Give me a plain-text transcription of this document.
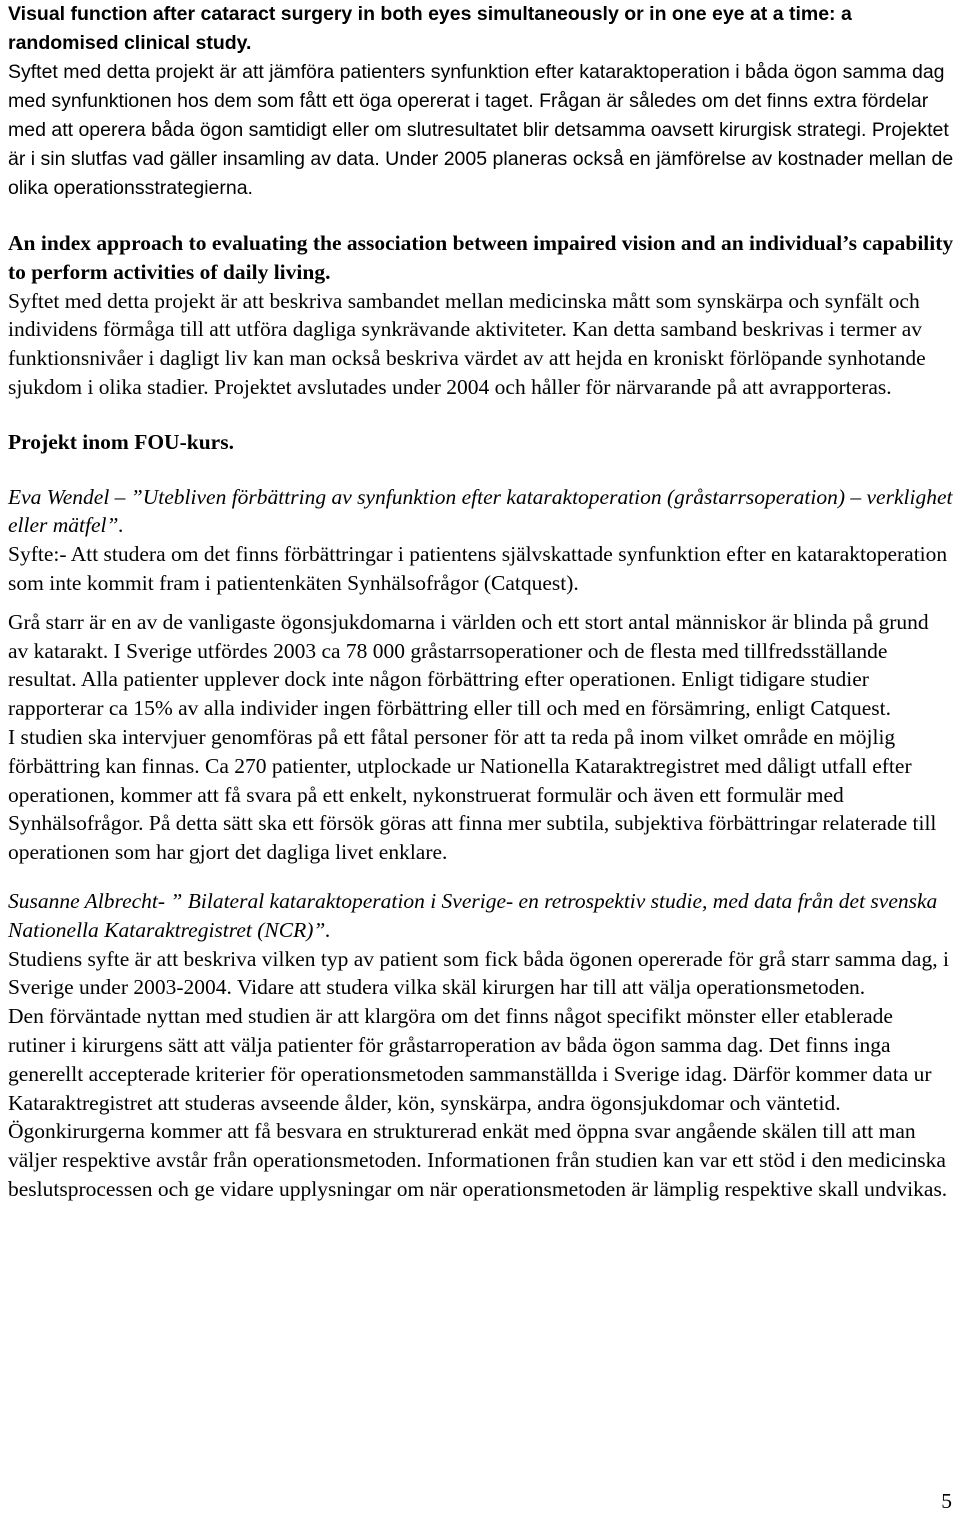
Visual function after cataract surgery in both eyes simultaneously or in one eye at a time: a randomised clinical study.

Syftet med detta projekt är att jämföra patienters synfunktion efter kataraktoperation i båda ögon samma dag med synfunktionen hos dem som fått ett öga opererat i taget. Frågan är således om det finns extra fördelar med att operera båda ögon samtidigt eller om slutresultatet blir detsamma oavsett kirurgisk strategi. Projektet är i sin slutfas vad gäller insamling av data. Under 2005 planeras också en jämförelse av kostnader mellan de olika operationsstrategierna.

An index approach to evaluating the association between impaired vision and an individual’s capability to perform activities of daily living.

Syftet med detta projekt är att beskriva sambandet mellan medicinska mått som synskärpa och synfält och individens förmåga till att utföra dagliga synkrävande aktiviteter. Kan detta samband beskrivas i termer av funktionsnivåer i dagligt liv kan man också beskriva värdet av att hejda en kroniskt förlöpande synhotande sjukdom i olika stadier. Projektet avslutades under 2004 och håller för närvarande på att avrapporteras.

Projekt inom FOU-kurs.

Eva Wendel – ”Utebliven förbättring av synfunktion efter kataraktoperation (gråstarrsoperation) – verklighet eller mätfel”.

Syfte:- Att studera om det finns förbättringar i patientens självskattade synfunktion efter en kataraktoperation som inte kommit fram i patientenkäten Synhälsofrågor (Catquest).

Grå starr är en av de vanligaste ögonsjukdomarna i världen och ett stort antal människor är blinda på grund av katarakt. I Sverige utfördes 2003 ca 78 000 gråstarrsoperationer och de flesta med tillfredsställande resultat. Alla patienter upplever dock inte någon förbättring efter operationen. Enligt tidigare studier rapporterar ca 15% av alla individer ingen förbättring eller till och med en försämring, enligt Catquest.

I studien ska intervjuer genomföras på ett fåtal personer för att ta reda på inom vilket område en möjlig förbättring kan finnas. Ca 270 patienter, utplockade ur Nationella Kataraktregistret med dåligt utfall efter operationen, kommer att få svara på ett enkelt, nykonstruerat formulär och även ett formulär med Synhälsofrågor. På detta sätt ska ett försök göras att finna mer subtila, subjektiva förbättringar relaterade till operationen som har gjort det dagliga livet enklare.

Susanne Albrecht- ” Bilateral kataraktoperation i Sverige- en retrospektiv studie, med data från det svenska Nationella Kataraktregistret (NCR)”.

Studiens syfte är att beskriva vilken typ av patient som fick båda ögonen opererade för grå starr samma dag, i Sverige under 2003-2004. Vidare att studera vilka skäl kirurgen har till att välja operationsmetoden.

Den förväntade nyttan med studien är att klargöra om det finns något specifikt mönster eller etablerade rutiner i kirurgens sätt att välja patienter för gråstarroperation av båda ögon samma dag. Det finns inga generellt accepterade kriterier för operationsmetoden sammanställda i Sverige idag. Därför kommer data ur Kataraktregistret att studeras avseende ålder, kön, synskärpa, andra ögonsjukdomar och väntetid. Ögonkirurgerna kommer att få besvara en strukturerad enkät med öppna svar angående skälen till att man väljer respektive avstår från operationsmetoden. Informationen från studien kan var ett stöd i den medicinska beslutsprocessen och ge vidare upplysningar om när operationsmetoden är lämplig respektive skall undvikas.

5
